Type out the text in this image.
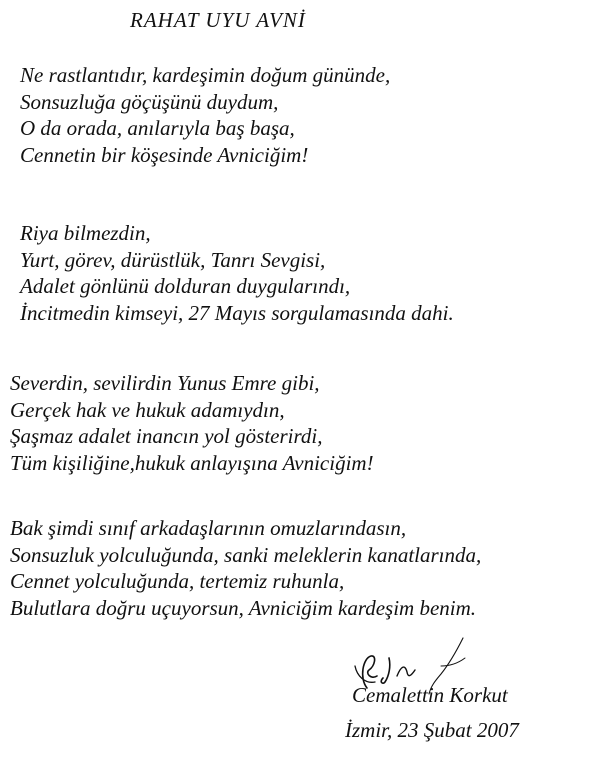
RAHAT UYU AVNİ
Ne rastlantıdır, kardeşimin doğum gününde,
Sonsuzluğa göçüşünü duydum,
O da orada, anılarıyla baş başa,
Cennetin bir köşesinde Avniciğim!
Riya bilmezdin,
Yurt, görev, dürüstlük, Tanrı Sevgisi,
Adalet gönlünü dolduran duygularındı,
İncitmedin kimseyi, 27 Mayıs sorgulamasında dahi.
Severdin, sevilirdin Yunus Emre gibi,
Gerçek hak ve hukuk adamıydın,
Şaşmaz adalet inancın yol gösterirdi,
Tüm kişiliğine,hukuk anlayışına Avniciğim!
Bak şimdi sınıf arkadaşlarının omuzlarındasın,
Sonsuzluk yolculuğunda, sanki meleklerin kanatlarında,
Cennet yolculuğunda, tertemiz ruhunla,
Bulutlara doğru uçuyorsun, Avniciğim kardeşim benim.
Cemalettin Korkut
İzmir, 23 Şubat 2007
